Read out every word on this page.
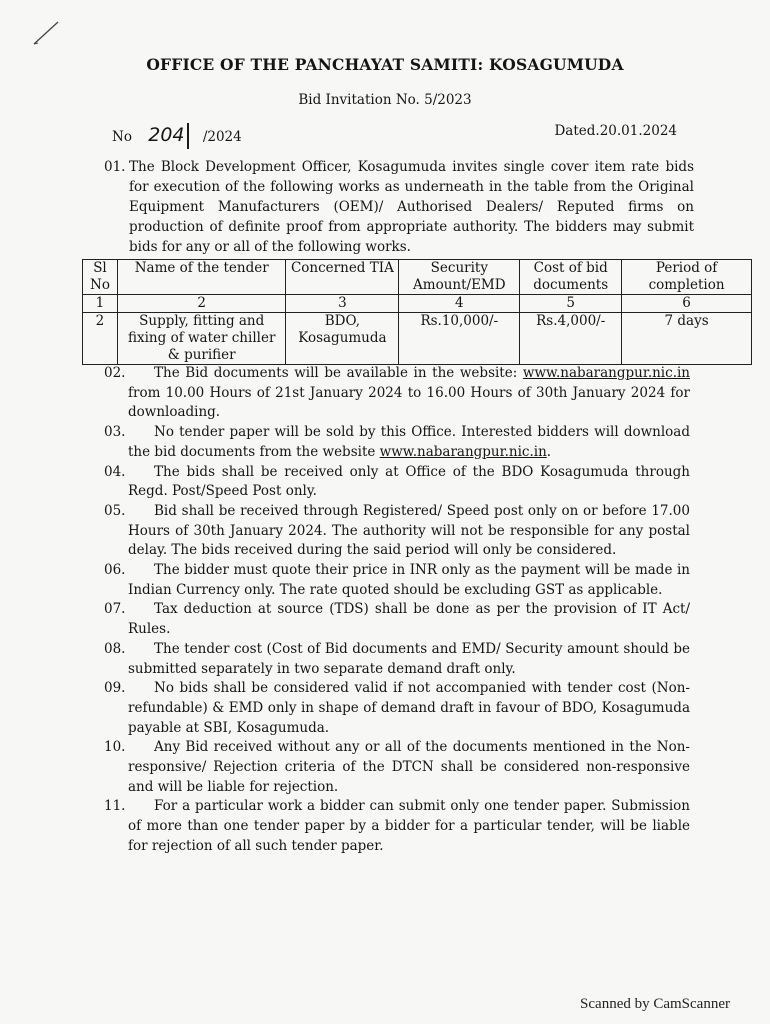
OFFICE OF THE PANCHAYAT SAMITI: KOSAGUMUDA
Bid Invitation No. 5/2023
No 204 /2024	Dated.20.01.2024
01. The Block Development Officer, Kosagumuda invites single cover item rate bids for execution of the following works as underneath in the table from the Original Equipment Manufacturers (OEM)/ Authorised Dealers/ Reputed firms on production of definite proof from appropriate authority. The bidders may submit bids for any or all of the following works.
Sl No	Name of the tender	Concerned TIA	Security Amount/EMD	Cost of bid documents	Period of completion
1	2	3	4	5	6
2	Supply, fitting and fixing of water chiller & purifier	BDO, Kosagumuda	Rs.10,000/-	Rs.4,000/-	7 days
02.	The Bid documents will be available in the website: www.nabarangpur.nic.in from 10.00 Hours of 21st January 2024 to 16.00 Hours of 30th January 2024 for downloading.
03.	No tender paper will be sold by this Office. Interested bidders will download the bid documents from the website www.nabarangpur.nic.in.
04.	The bids shall be received only at Office of the BDO Kosagumuda through Regd. Post/Speed Post only.
05.	Bid shall be received through Registered/ Speed post only on or before 17.00 Hours of 30th January 2024. The authority will not be responsible for any postal delay. The bids received during the said period will only be considered.
06.	The bidder must quote their price in INR only as the payment will be made in Indian Currency only. The rate quoted should be excluding GST as applicable.
07.	Tax deduction at source (TDS) shall be done as per the provision of IT Act/ Rules.
08.	The tender cost (Cost of Bid documents and EMD/ Security amount should be submitted separately in two separate demand draft only.
09.	No bids shall be considered valid if not accompanied with tender cost (Non-refundable) & EMD only in shape of demand draft in favour of BDO, Kosagumuda payable at SBI, Kosagumuda.
10.	Any Bid received without any or all of the documents mentioned in the Non-responsive/ Rejection criteria of the DTCN shall be considered non-responsive and will be liable for rejection.
11.	For a particular work a bidder can submit only one tender paper. Submission of more than one tender paper by a bidder for a particular tender, will be liable for rejection of all such tender paper.
Scanned by CamScanner
